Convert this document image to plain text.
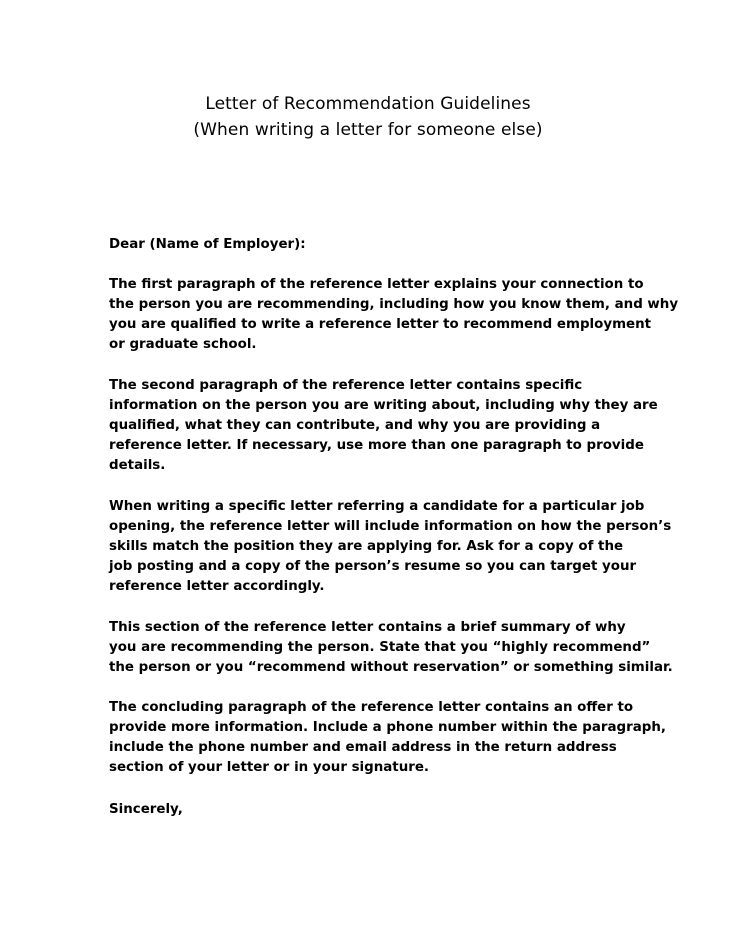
Letter of Recommendation Guidelines
(When writing a letter for someone else)
Dear (Name of Employer):
The first paragraph of the reference letter explains your connection to
the person you are recommending, including how you know them, and why
you are qualified to write a reference letter to recommend employment
or graduate school.
The second paragraph of the reference letter contains specific
information on the person you are writing about, including why they are
qualified, what they can contribute, and why you are providing a
reference letter. If necessary, use more than one paragraph to provide
details.
When writing a specific letter referring a candidate for a particular job
opening, the reference letter will include information on how the person’s
skills match the position they are applying for. Ask for a copy of the
job posting and a copy of the person’s resume so you can target your
reference letter accordingly.
This section of the reference letter contains a brief summary of why
you are recommending the person. State that you “highly recommend”
the person or you “recommend without reservation” or something similar.
The concluding paragraph of the reference letter contains an offer to
provide more information. Include a phone number within the paragraph,
include the phone number and email address in the return address
section of your letter or in your signature.
Sincerely,
